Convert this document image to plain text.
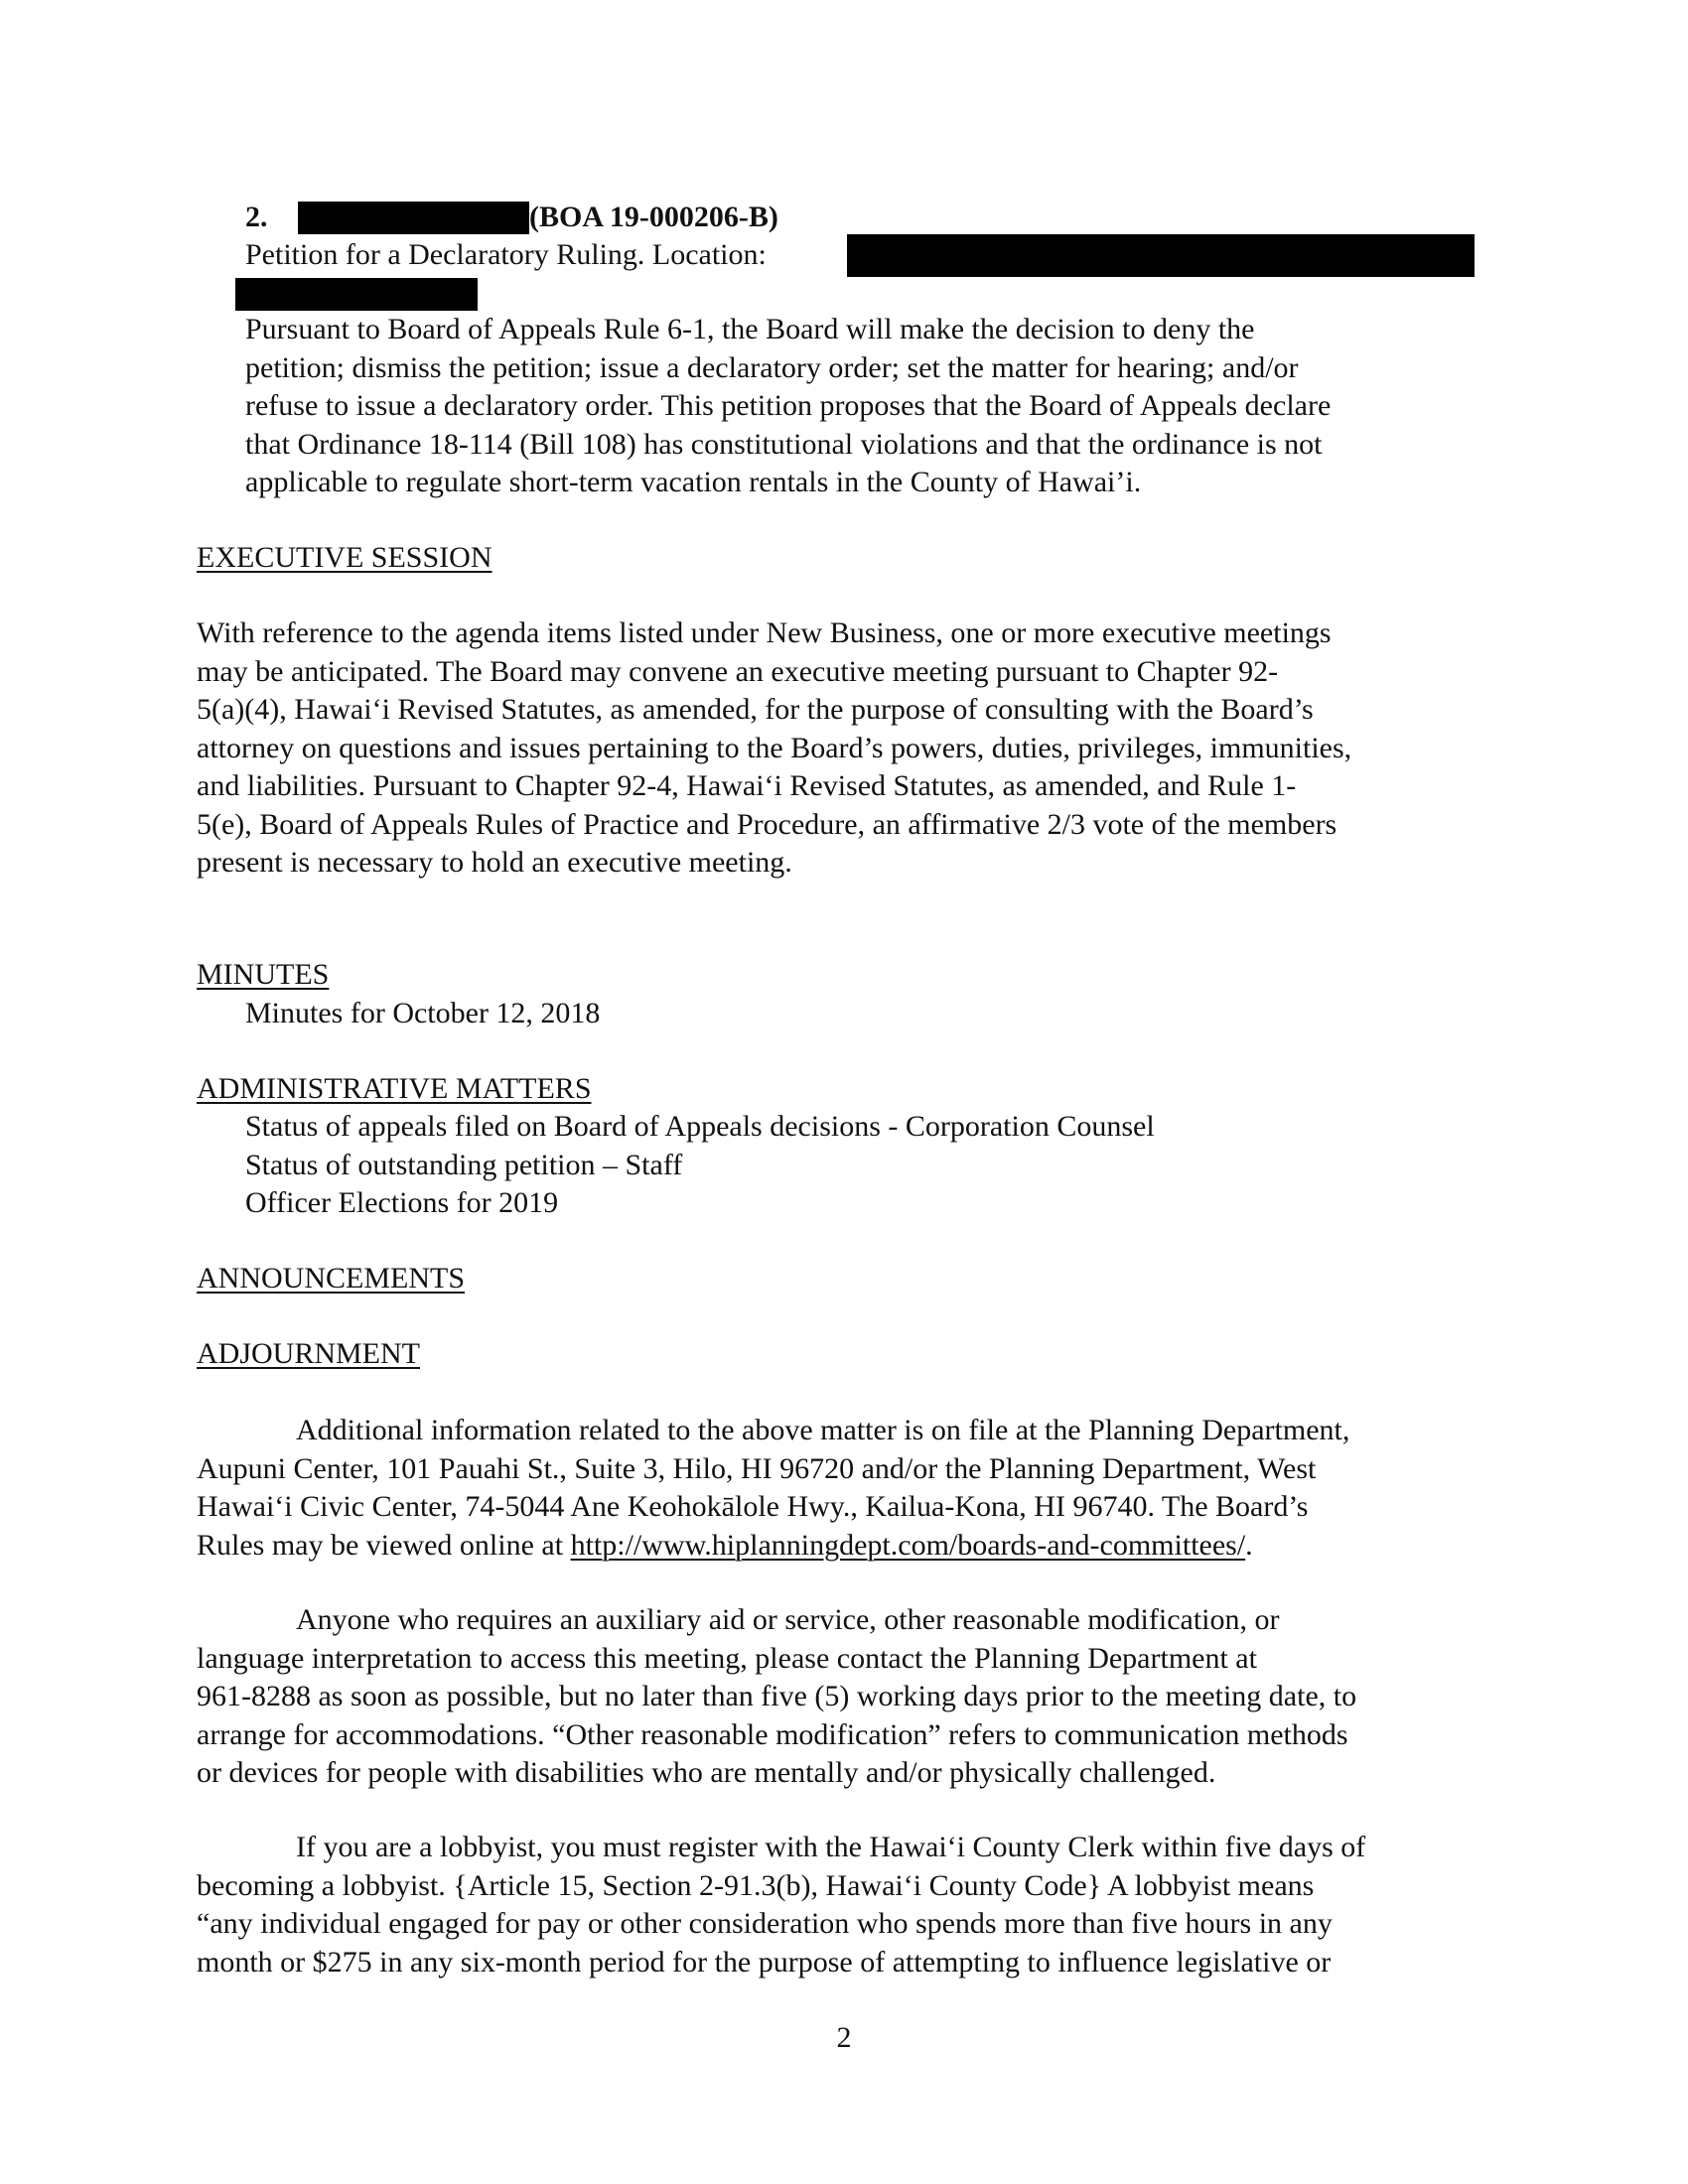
2.	(BOA 19-000206-B)
Petition for a Declaratory Ruling. Location:
Pursuant to Board of Appeals Rule 6-1, the Board will make the decision to deny the
petition; dismiss the petition; issue a declaratory order; set the matter for hearing; and/or
refuse to issue a declaratory order. This petition proposes that the Board of Appeals declare
that Ordinance 18-114 (Bill 108) has constitutional violations and that the ordinance is not
applicable to regulate short-term vacation rentals in the County of Hawai’i.
EXECUTIVE SESSION
With reference to the agenda items listed under New Business, one or more executive meetings
may be anticipated. The Board may convene an executive meeting pursuant to Chapter 92-
5(a)(4), Hawai‘i Revised Statutes, as amended, for the purpose of consulting with the Board’s
attorney on questions and issues pertaining to the Board’s powers, duties, privileges, immunities,
and liabilities. Pursuant to Chapter 92-4, Hawai‘i Revised Statutes, as amended, and Rule 1-
5(e), Board of Appeals Rules of Practice and Procedure, an affirmative 2/3 vote of the members
present is necessary to hold an executive meeting.
MINUTES
Minutes for October 12, 2018
ADMINISTRATIVE MATTERS
Status of appeals filed on Board of Appeals decisions - Corporation Counsel
Status of outstanding petition – Staff
Officer Elections for 2019
ANNOUNCEMENTS
ADJOURNMENT
Additional information related to the above matter is on file at the Planning Department,
Aupuni Center, 101 Pauahi St., Suite 3, Hilo, HI 96720 and/or the Planning Department, West
Hawai‘i Civic Center, 74-5044 Ane Keohokālole Hwy., Kailua-Kona, HI 96740. The Board’s
Rules may be viewed online at http://www.hiplanningdept.com/boards-and-committees/.
Anyone who requires an auxiliary aid or service, other reasonable modification, or
language interpretation to access this meeting, please contact the Planning Department at
961-8288 as soon as possible, but no later than five (5) working days prior to the meeting date, to
arrange for accommodations. “Other reasonable modification” refers to communication methods
or devices for people with disabilities who are mentally and/or physically challenged.
If you are a lobbyist, you must register with the Hawai‘i County Clerk within five days of
becoming a lobbyist. {Article 15, Section 2-91.3(b), Hawai‘i County Code} A lobbyist means
“any individual engaged for pay or other consideration who spends more than five hours in any
month or $275 in any six-month period for the purpose of attempting to influence legislative or
2
